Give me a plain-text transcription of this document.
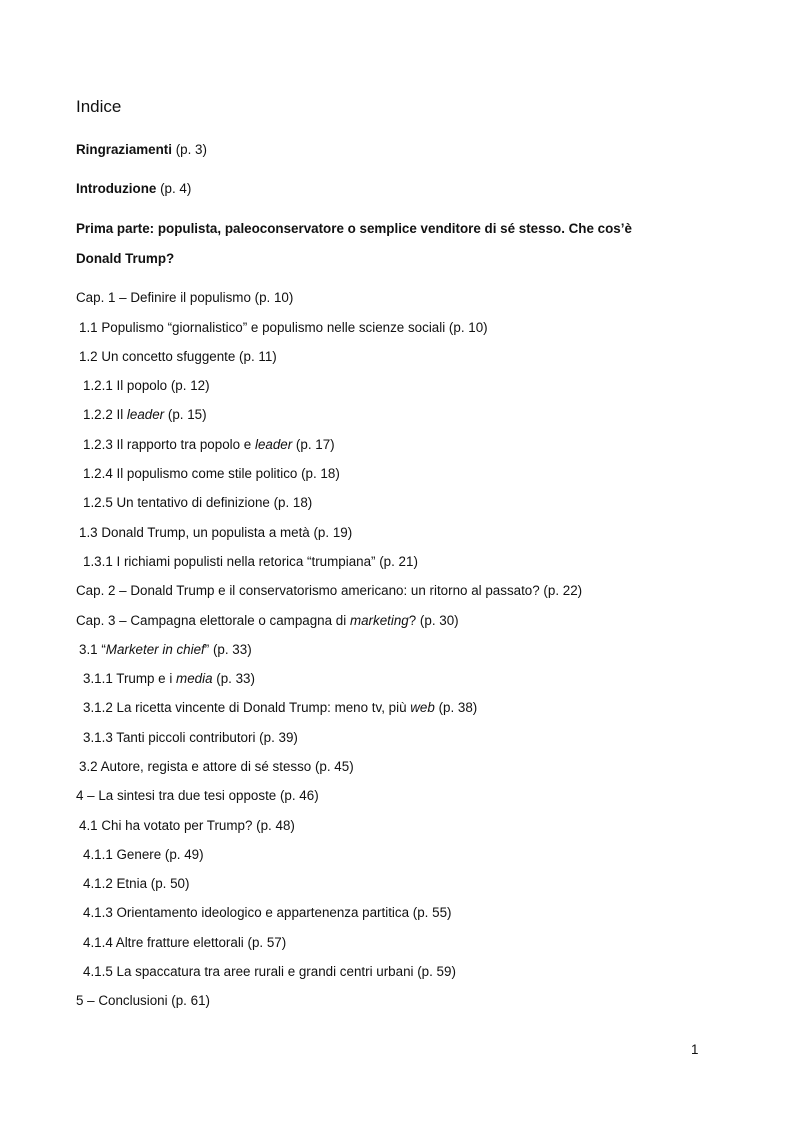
Indice
Ringraziamenti (p. 3)
Introduzione (p. 4)
Prima parte: populista, paleoconservatore o semplice venditore di sé stesso. Che cos’è
Donald Trump?
Cap. 1 – Definire il populismo (p. 10)
1.1 Populismo “giornalistico” e populismo nelle scienze sociali (p. 10)
1.2 Un concetto sfuggente (p. 11)
1.2.1 Il popolo (p. 12)
1.2.2 Il leader (p. 15)
1.2.3 Il rapporto tra popolo e leader (p. 17)
1.2.4 Il populismo come stile politico (p. 18)
1.2.5 Un tentativo di definizione (p. 18)
1.3 Donald Trump, un populista a metà (p. 19)
1.3.1 I richiami populisti nella retorica “trumpiana” (p. 21)
Cap. 2 – Donald Trump e il conservatorismo americano: un ritorno al passato? (p. 22)
Cap. 3 – Campagna elettorale o campagna di marketing? (p. 30)
3.1 “Marketer in chief” (p. 33)
3.1.1 Trump e i media (p. 33)
3.1.2 La ricetta vincente di Donald Trump: meno tv, più web (p. 38)
3.1.3 Tanti piccoli contributori (p. 39)
3.2 Autore, regista e attore di sé stesso (p. 45)
4 – La sintesi tra due tesi opposte (p. 46)
4.1 Chi ha votato per Trump? (p. 48)
4.1.1 Genere (p. 49)
4.1.2 Etnia (p. 50)
4.1.3 Orientamento ideologico e appartenenza partitica (p. 55)
4.1.4 Altre fratture elettorali (p. 57)
4.1.5 La spaccatura tra aree rurali e grandi centri urbani (p. 59)
5 – Conclusioni (p. 61)
1
